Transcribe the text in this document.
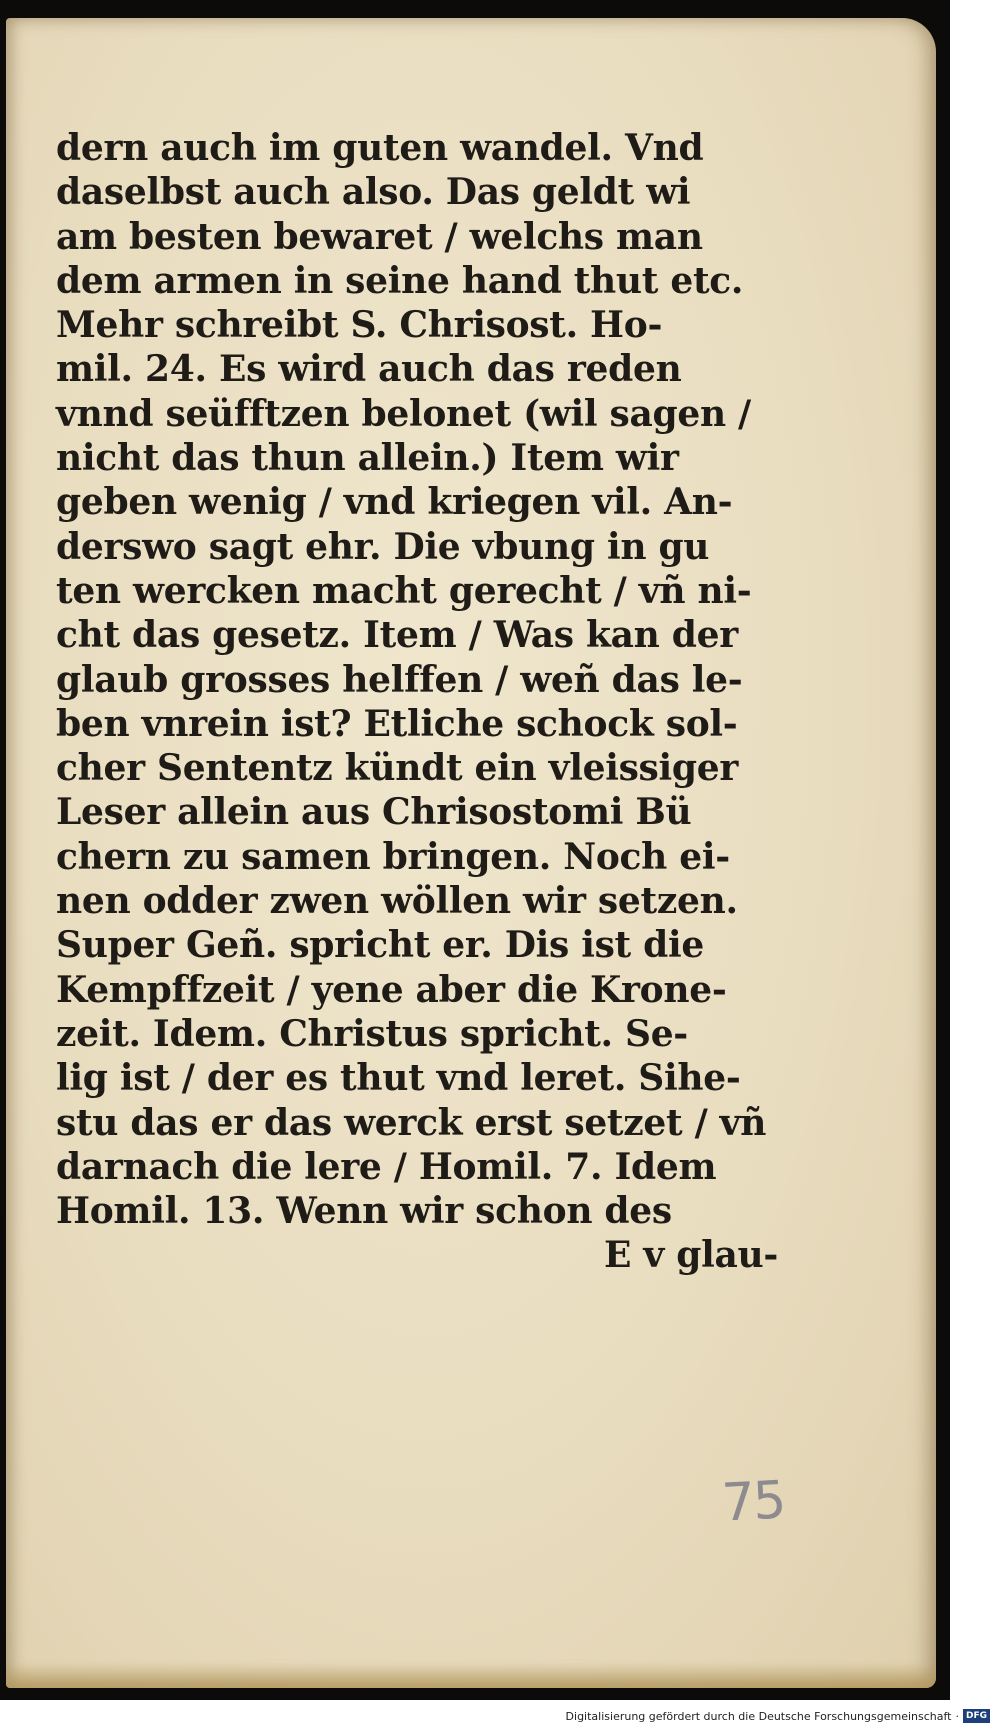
dern auch im guten wandel. Vnd
daselbst auch also. Das geldt wi
am besten bewaret / welchs man
dem armen in seine hand thut etc.
Mehr schreibt S. Chrisost. Ho-
mil. 24. Es wird auch das reden
vnnd seüfftzen belonet (wil sagen /
nicht das thun allein.) Item wir
geben wenig / vnd kriegen vil. An-
derswo sagt ehr. Die vbung in gu
ten wercken macht gerecht / vñ ni-
cht das gesetz. Item / Was kan der
glaub grosses helffen / weñ das le-
ben vnrein ist? Etliche schock sol-
cher Sententz kündt ein vleissiger
Leser allein aus Chrisostomi Bü
chern zu samen bringen. Noch ei-
nen odder zwen wöllen wir setzen.
Super Geñ. spricht er. Dis ist die
Kempffzeit / yene aber die Krone-
zeit. Idem. Christus spricht. Se-
lig ist / der es thut vnd leret. Sihe-
stu das er das werck erst setzet / vñ
darnach die lere / Homil. 7. Idem
Homil. 13. Wenn wir schon des
E v glau-
75
Digitalisierung gefördert durch die Deutsche Forschungsgemeinschaft · DFG
